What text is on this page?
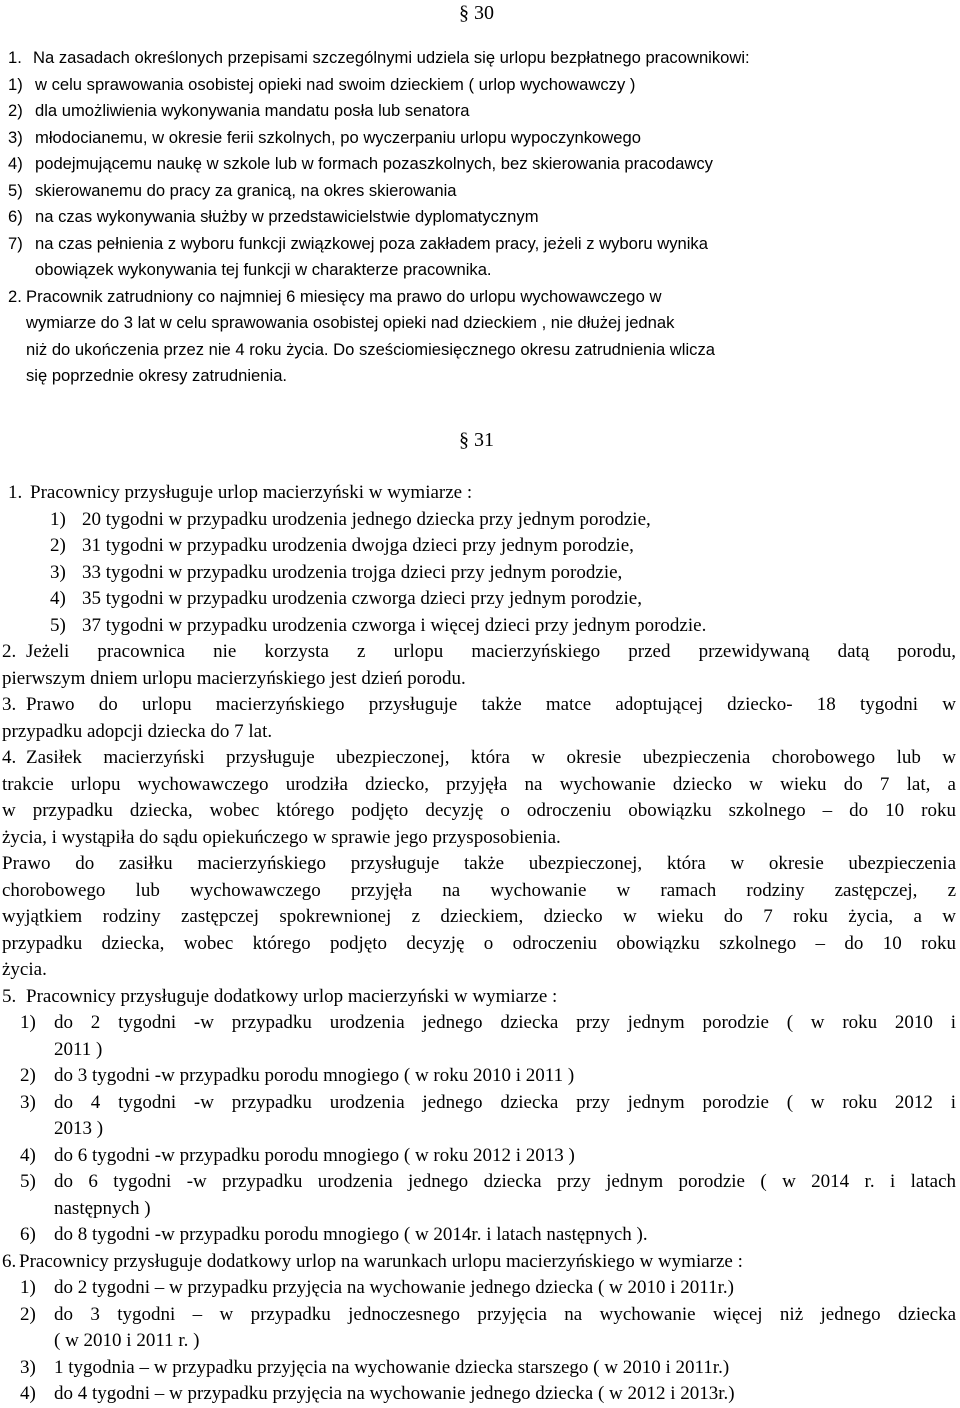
§ 30
1. Na zasadach określonych przepisami szczególnymi udziela się urlopu bezpłatnego pracownikowi:
1) w celu sprawowania osobistej opieki nad swoim dzieckiem ( urlop wychowawczy )
2) dla umożliwienia wykonywania mandatu posła lub senatora
3) młodocianemu, w okresie ferii szkolnych, po wyczerpaniu urlopu wypoczynkowego
4) podejmującemu naukę w szkole lub w formach pozaszkolnych, bez skierowania pracodawcy
5) skierowanemu do pracy za granicą, na okres skierowania
6) na czas wykonywania służby w przedstawicielstwie dyplomatycznym
7) na czas pełnienia z wyboru funkcji związkowej poza zakładem pracy, jeżeli z wyboru wynika
obowiązek wykonywania tej funkcji w charakterze pracownika.
2. Pracownik zatrudniony co najmniej 6 miesięcy ma prawo do urlopu wychowawczego w
wymiarze do 3 lat w celu sprawowania osobistej opieki nad dzieckiem , nie dłużej jednak
niż do ukończenia przez nie 4 roku życia. Do sześciomiesięcznego okresu zatrudnienia wlicza
się poprzednie okresy zatrudnienia.
§ 31
1. Pracownicy przysługuje urlop macierzyński w wymiarze :
1) 20 tygodni w przypadku urodzenia jednego dziecka przy jednym porodzie,
2) 31 tygodni w przypadku urodzenia dwojga dzieci przy jednym porodzie,
3) 33 tygodni w przypadku urodzenia trojga dzieci przy jednym porodzie,
4) 35 tygodni w przypadku urodzenia czworga dzieci przy jednym porodzie,
5) 37 tygodni w przypadku urodzenia czworga i więcej dzieci przy jednym porodzie.
2. Jeżeli pracownica nie korzysta z urlopu macierzyńskiego przed przewidywaną datą porodu,
pierwszym dniem urlopu macierzyńskiego jest dzień porodu.
3. Prawo do urlopu macierzyńskiego przysługuje także matce adoptującej dziecko- 18 tygodni w
przypadku adopcji dziecka do 7 lat.
4. Zasiłek macierzyński przysługuje ubezpieczonej, która w okresie ubezpieczenia chorobowego lub w
trakcie urlopu wychowawczego urodziła dziecko, przyjęła na wychowanie dziecko w wieku do 7 lat, a
w przypadku dziecka, wobec którego podjęto decyzję o odroczeniu obowiązku szkolnego – do 10 roku
życia, i wystąpiła do sądu opiekuńczego w sprawie jego przysposobienia.
Prawo do zasiłku macierzyńskiego przysługuje także ubezpieczonej, która w okresie ubezpieczenia
chorobowego lub wychowawczego przyjęła na wychowanie w ramach rodziny zastępczej, z
wyjątkiem rodziny zastępczej spokrewnionej z dzieckiem, dziecko w wieku do 7 roku życia, a w
przypadku dziecka, wobec którego podjęto decyzję o odroczeniu obowiązku szkolnego – do 10 roku
życia.
5. Pracownicy przysługuje dodatkowy urlop macierzyński w wymiarze :
1) do 2 tygodni -w przypadku urodzenia jednego dziecka przy jednym porodzie ( w roku 2010 i
2011 )
2) do 3 tygodni -w przypadku porodu mnogiego ( w roku 2010 i 2011 )
3) do 4 tygodni -w przypadku urodzenia jednego dziecka przy jednym porodzie ( w roku 2012 i
2013 )
4) do 6 tygodni -w przypadku porodu mnogiego ( w roku 2012 i 2013 )
5) do 6 tygodni -w przypadku urodzenia jednego dziecka przy jednym porodzie ( w 2014 r. i latach
następnych )
6) do 8 tygodni -w przypadku porodu mnogiego ( w 2014r. i latach następnych ).
6. Pracownicy przysługuje dodatkowy urlop na warunkach urlopu macierzyńskiego w wymiarze :
1) do 2 tygodni – w przypadku przyjęcia na wychowanie jednego dziecka ( w 2010 i 2011r.)
2) do 3 tygodni – w przypadku jednoczesnego przyjęcia na wychowanie więcej niż jednego dziecka
( w 2010 i 2011 r. )
3) 1 tygodnia – w przypadku przyjęcia na wychowanie dziecka starszego ( w 2010 i 2011r.)
4) do 4 tygodni – w przypadku przyjęcia na wychowanie jednego dziecka ( w 2012 i 2013r.)
